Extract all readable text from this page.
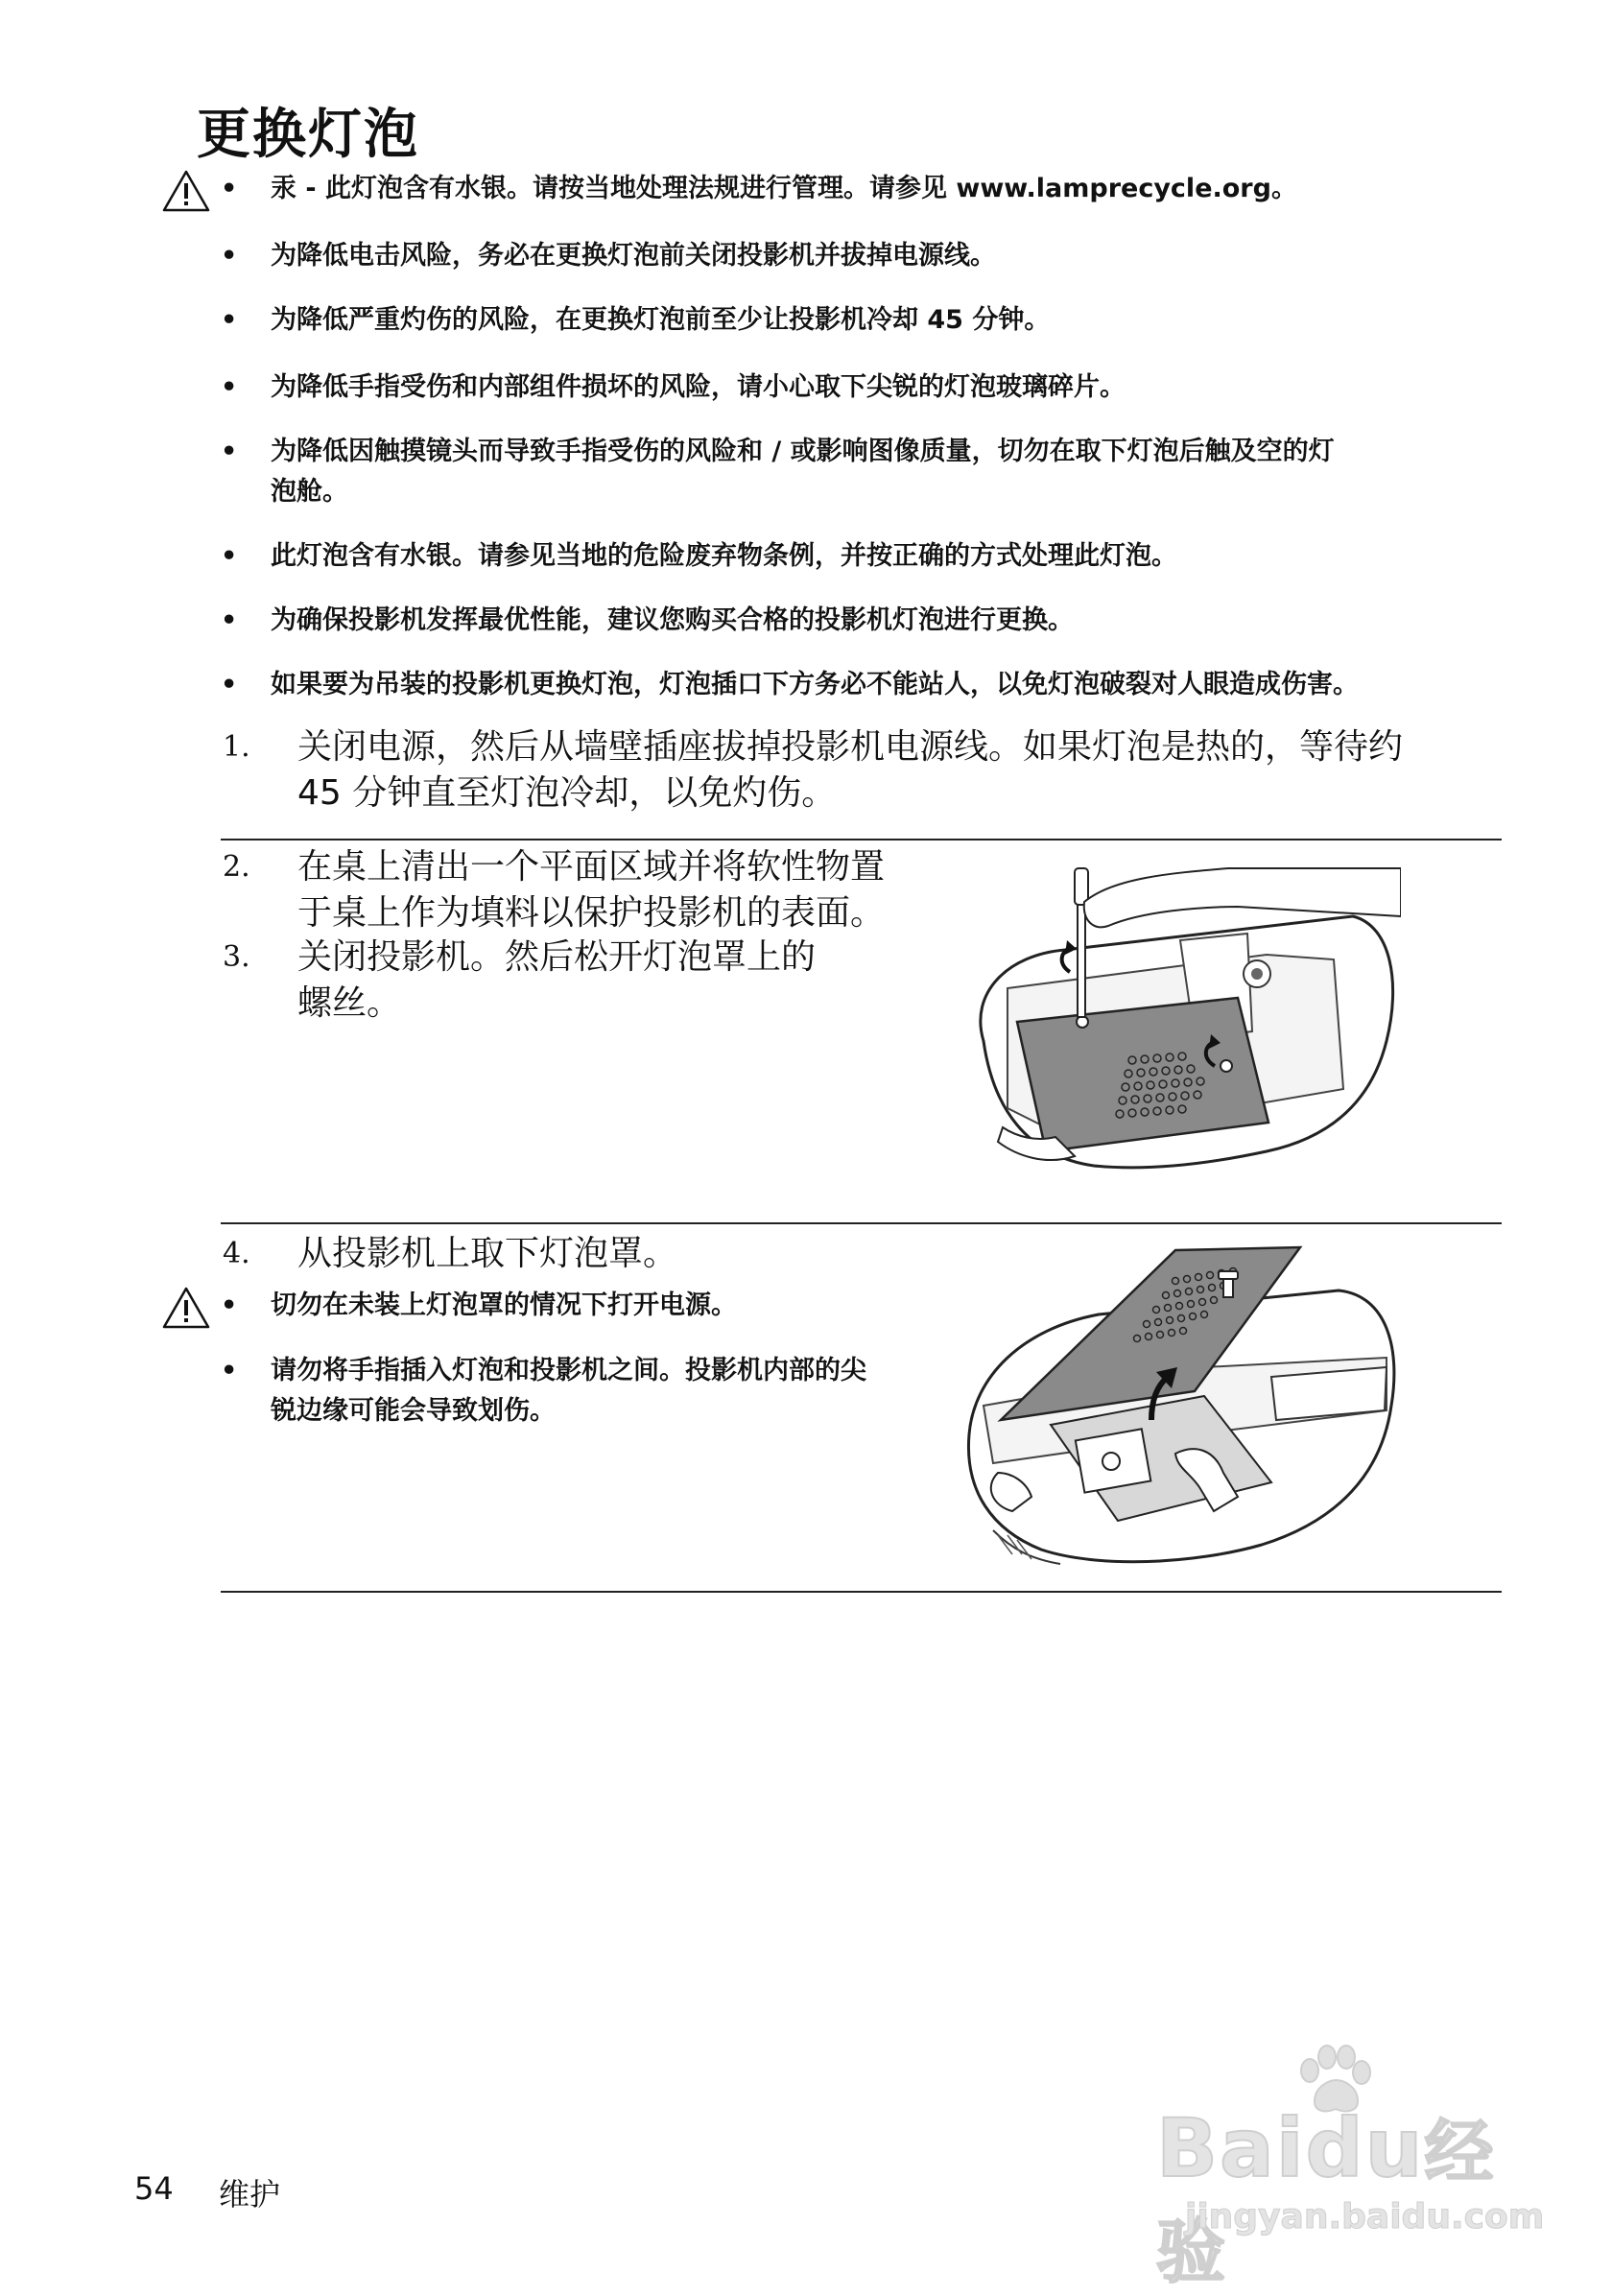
更换灯泡
• 汞 - 此灯泡含有水银。请按当地处理法规进行管理。请参见 www.lamprecycle.org。
• 为降低电击风险，务必在更换灯泡前关闭投影机并拔掉电源线。
• 为降低严重灼伤的风险，在更换灯泡前至少让投影机冷却 45 分钟。
• 为降低手指受伤和内部组件损坏的风险，请小心取下尖锐的灯泡玻璃碎片。
• 为降低因触摸镜头而导致手指受伤的风险和 / 或影响图像质量，切勿在取下灯泡后触及空的灯
泡舱。
• 此灯泡含有水银。请参见当地的危险废弃物条例，并按正确的方式处理此灯泡。
• 为确保投影机发挥最优性能，建议您购买合格的投影机灯泡进行更换。
• 如果要为吊装的投影机更换灯泡，灯泡插口下方务必不能站人，以免灯泡破裂对人眼造成伤害。
1. 关闭电源，然后从墙壁插座拔掉投影机电源线。如果灯泡是热的，等待约
45 分钟直至灯泡冷却，以免灼伤。
2. 在桌上清出一个平面区域并将软性物置
于桌上作为填料以保护投影机的表面。
3. 关闭投影机。然后松开灯泡罩上的
螺丝。
4. 从投影机上取下灯泡罩。
• 切勿在未装上灯泡罩的情况下打开电源。
• 请勿将手指插入灯泡和投影机之间。投影机内部的尖
锐边缘可能会导致划伤。
Baidu经验
jingyan.baidu.com
54 维护
